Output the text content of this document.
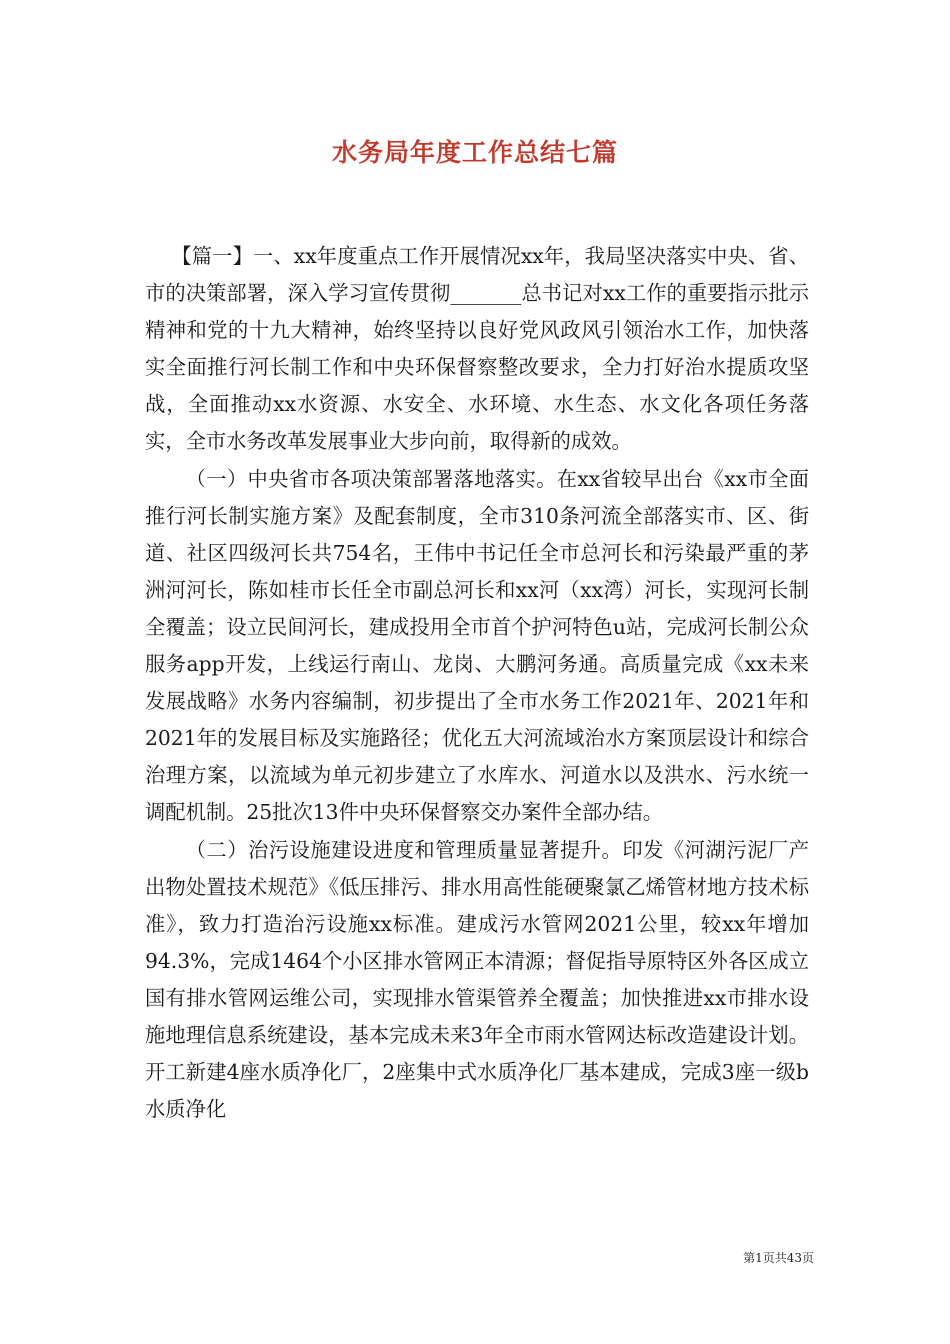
水务局年度工作总结七篇

【篇一】一、xx年度重点工作开展情况xx年，我局坚决落实中央、省、市的决策部署，深入学习宣传贯彻_______总书记对xx工作的重要指示批示精神和党的十九大精神，始终坚持以良好党风政风引领治水工作，加快落实全面推行河长制工作和中央环保督察整改要求，全力打好治水提质攻坚战，全面推动xx水资源、水安全、水环境、水生态、水文化各项任务落实，全市水务改革发展事业大步向前，取得新的成效。

（一）中央省市各项决策部署落地落实。在xx省较早出台《xx市全面推行河长制实施方案》及配套制度，全市310条河流全部落实市、区、街道、社区四级河长共754名，王伟中书记任全市总河长和污染最严重的茅洲河河长，陈如桂市长任全市副总河长和xx河（xx湾）河长，实现河长制全覆盖；设立民间河长，建成投用全市首个护河特色u站，完成河长制公众服务app开发，上线运行南山、龙岗、大鹏河务通。高质量完成《xx未来发展战略》水务内容编制，初步提出了全市水务工作2021年、2021年和2021年的发展目标及实施路径；优化五大河流域治水方案顶层设计和综合治理方案，以流域为单元初步建立了水库水、河道水以及洪水、污水统一调配机制。25批次13件中央环保督察交办案件全部办结。

（二）治污设施建设进度和管理质量显著提升。印发《河湖污泥厂产出物处置技术规范》《低压排污、排水用高性能硬聚氯乙烯管材地方技术标准》，致力打造治污设施xx标准。建成污水管网2021公里，较xx年增加94.3%，完成1464个小区排水管网正本清源；督促指导原特区外各区成立国有排水管网运维公司，实现排水管渠管养全覆盖；加快推进xx市排水设施地理信息系统建设，基本完成未来3年全市雨水管网达标改造建设计划。开工新建4座水质净化厂，2座集中式水质净化厂基本建成，完成3座一级b水质净化

第1页共43页
